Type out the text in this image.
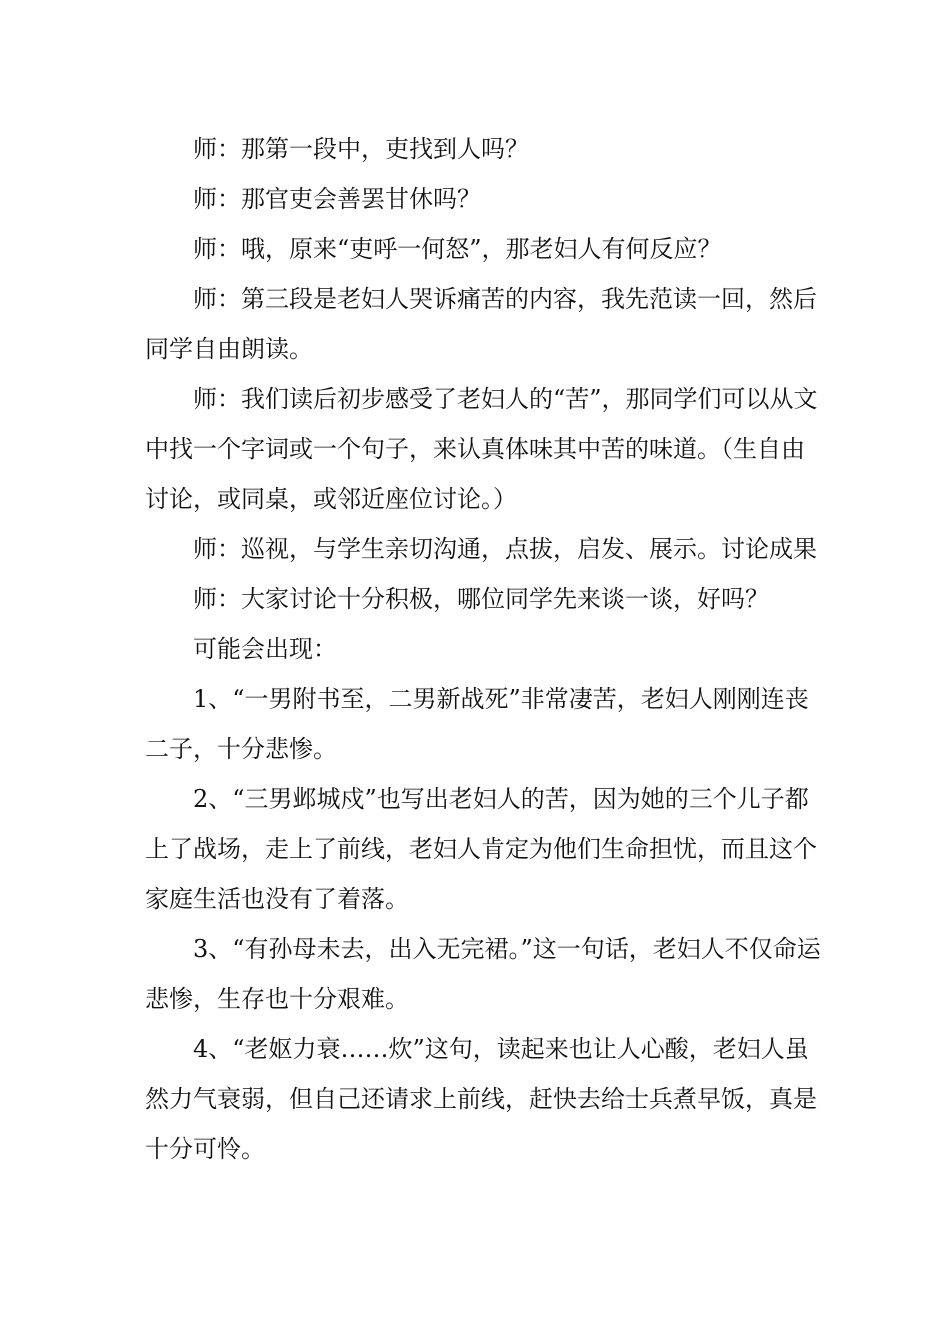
师：那第一段中，吏找到人吗？

师：那官吏会善罢甘休吗？

师：哦，原来“吏呼一何怒”，那老妇人有何反应？

师：第三段是老妇人哭诉痛苦的内容，我先范读一回，然后同学自由朗读。

师：我们读后初步感受了老妇人的“苦”，那同学们可以从文中找一个字词或一个句子，来认真体味其中苦的味道。（生自由讨论，或同桌，或邻近座位讨论。）

师：巡视，与学生亲切沟通，点拔，启发、展示。讨论成果

师：大家讨论十分积极，哪位同学先来谈一谈，好吗？

可能会出现：

1、“一男附书至，二男新战死”非常凄苦，老妇人刚刚连丧二子，十分悲惨。

2、“三男邺城戍”也写出老妇人的苦，因为她的三个儿子都上了战场，走上了前线，老妇人肯定为他们生命担忧，而且这个家庭生活也没有了着落。

3、“有孙母未去，出入无完裙。”这一句话，老妇人不仅命运悲惨，生存也十分艰难。

4、“老妪力衰……炊”这句，读起来也让人心酸，老妇人虽然力气衰弱，但自己还请求上前线，赶快去给士兵煮早饭，真是十分可怜。
